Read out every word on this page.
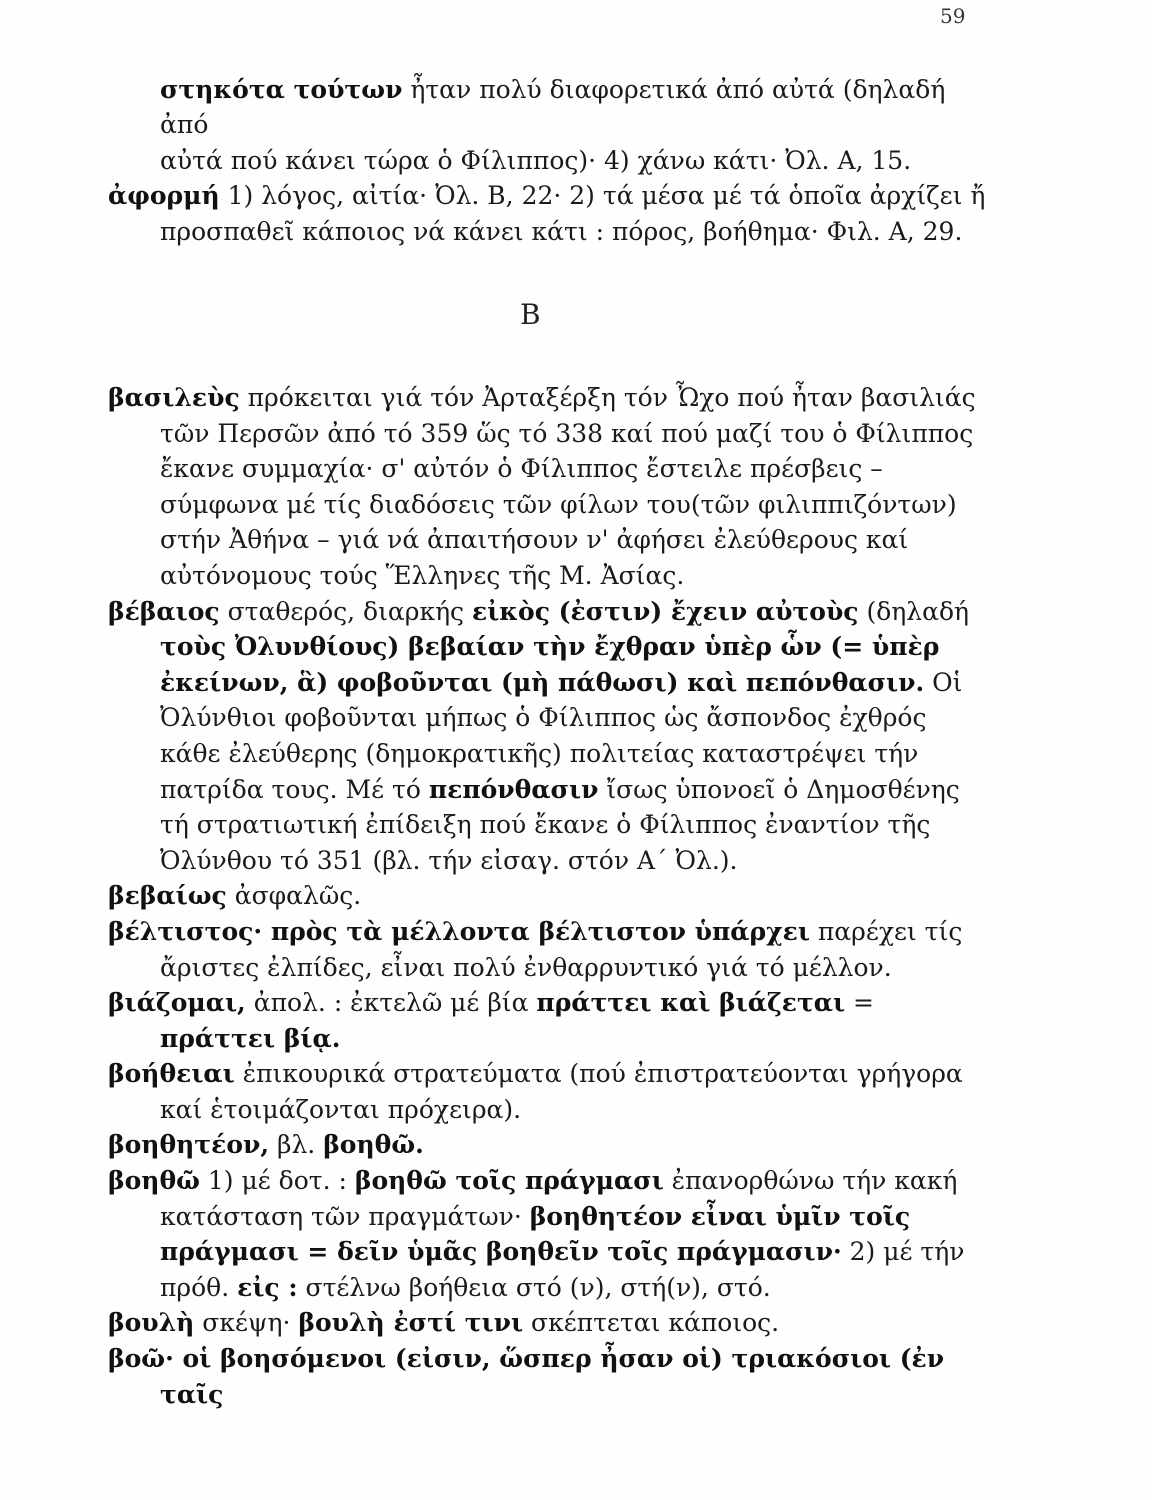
59

στηκότα τούτων ἦταν πολύ διαφορετικά ἀπό αὐτά (δηλαδή ἀπό
αὐτά πού κάνει τώρα ὁ Φίλιππος)· 4) χάνω κάτι· Ὀλ. Α, 15.

ἀφορμή 1) λόγος, αἰτία· Ὀλ. Β, 22· 2) τά μέσα μέ τά ὁποῖα ἀρχίζει ἤ προσπαθεῖ κάποιος νά κάνει κάτι : πόρος, βοήθημα· Φιλ. Α, 29.

Β

βασιλεὺς πρόκειται γιά τόν Ἀρταξέρξη τόν Ὦχο πού ἦταν βασιλιάς τῶν Περσῶν ἀπό τό 359 ὥς τό 338 καί πού μαζί του ὁ Φίλιππος ἔκανε συμμαχία· σ' αὐτόν ὁ Φίλιππος ἔστειλε πρέσβεις – σύμφωνα μέ τίς διαδόσεις τῶν φίλων του(τῶν φιλιππιζόντων) στήν Ἀθήνα – γιά νά ἀπαιτήσουν ν' ἀφήσει ἐλεύθερους καί αὐτόνομους τούς Ἕλληνες τῆς Μ. Ἀσίας.

βέβαιος σταθερός, διαρκής εἰκὸς (ἐστιν) ἔχειν αὐτοὺς (δηλαδή τοὺς Ὀλυνθίους) βεβαίαν τὴν ἔχθραν ὑπὲρ ὧν (= ὑπὲρ ἐκείνων, ἃ) φοβοῦνται (μὴ πάθωσι) καὶ πεπόνθασιν. Οἱ Ὀλύνθιοι φοβοῦνται μήπως ὁ Φίλιππος ὡς ἄσπονδος ἐχθρός κάθε ἐλεύθερης (δημοκρατικῆς) πολιτείας καταστρέψει τήν πατρίδα τους. Μέ τό πεπόνθασιν ἴσως ὑπονοεῖ ὁ Δημοσθένης τή στρατιωτική ἐπίδειξη πού ἔκανε ὁ Φίλιππος ἐναντίον τῆς Ὀλύνθου τό 351 (βλ. τήν εἰσαγ. στόν Α΄ Ὀλ.).

βεβαίως ἀσφαλῶς.

βέλτιστος· πρὸς τὰ μέλλοντα βέλτιστον ὑπάρχει παρέχει τίς ἄριστες ἐλπίδες, εἶναι πολύ ἐνθαρρυντικό γιά τό μέλλον.

βιάζομαι, ἀπολ. : ἐκτελῶ μέ βία πράττει καὶ βιάζεται = πράττει βίᾳ.

βοήθειαι ἐπικουρικά στρατεύματα (πού ἐπιστρατεύονται γρήγορα καί ἑτοιμάζονται πρόχειρα).

βοηθητέον, βλ. βοηθῶ.

βοηθῶ 1) μέ δοτ. : βοηθῶ τοῖς πράγμασι ἐπανορθώνω τήν κακή κατάσταση τῶν πραγμάτων· βοηθητέον εἶναι ὑμῖν τοῖς πράγμασι = δεῖν ὑμᾶς βοηθεῖν τοῖς πράγμασιν· 2) μέ τήν πρόθ. εἰς : στέλνω βοήθεια στό (ν), στή(ν), στό.

βουλὴ σκέψη· βουλὴ ἐστί τινι σκέπτεται κάποιος.

βοῶ· οἱ βοησόμενοι (εἰσιν, ὥσπερ ἦσαν οἱ) τριακόσιοι (ἐν ταῖς
